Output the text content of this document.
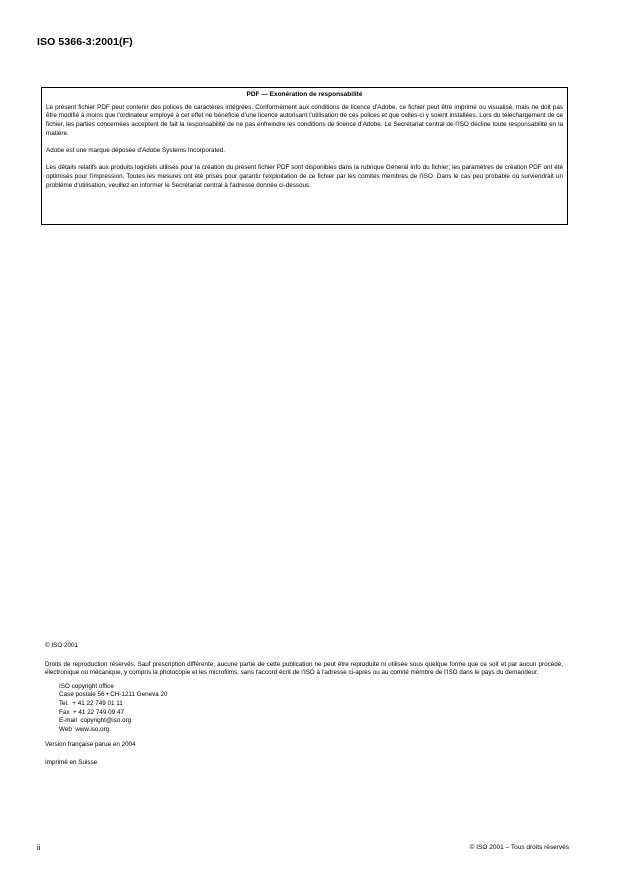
ISO 5366-3:2001(F)
PDF — Exonération de responsabilité

Le présent fichier PDF peut contenir des polices de caractères intégrées. Conformément aux conditions de licence d'Adobe, ce fichier peut être imprimé ou visualisé, mais ne doit pas être modifié à moins que l'ordinateur employé à cet effet ne bénéficie d'une licence autorisant l'utilisation de ces polices et que celles-ci y soient installées. Lors du téléchargement de ce fichier, les parties concernées acceptent de fait la responsabilité de ne pas enfreindre les conditions de licence d'Adobe. Le Secrétariat central de l'ISO décline toute responsabilité en la matière.

Adobe est une marque déposée d'Adobe Systems Incorporated.

Les détails relatifs aux produits logiciels utilisés pour la création du présent fichier PDF sont disponibles dans la rubrique General Info du fichier; les paramètres de création PDF ont été optimisés pour l'impression. Toutes les mesures ont été prises pour garantir l'exploitation de ce fichier par les comités membres de l'ISO. Dans le cas peu probable où surviendrait un problème d'utilisation, veuillez en informer le Secrétariat central à l'adresse donnée ci-dessous.

© ISO 2001

Droits de reproduction réservés. Sauf prescription différente, aucune partie de cette publication ne peut être reproduite ni utilisée sous quelque forme que ce soit et par aucun procédé, électronique ou mécanique, y compris la photocopie et les microfilms, sans l'accord écrit de l'ISO à l'adresse ci-après ou au comité membre de l'ISO dans le pays du demandeur.

ISO copyright office
Case postale 56 • CH-1211 Geneva 20
Tel.  + 41 22 749 01 11
Fax  + 41 22 749 09 47
E-mail  copyright@iso.org
Web  www.iso.org

Version française parue en 2004

Imprimé en Suisse

ii	© ISO 2001 – Tous droits réservés
